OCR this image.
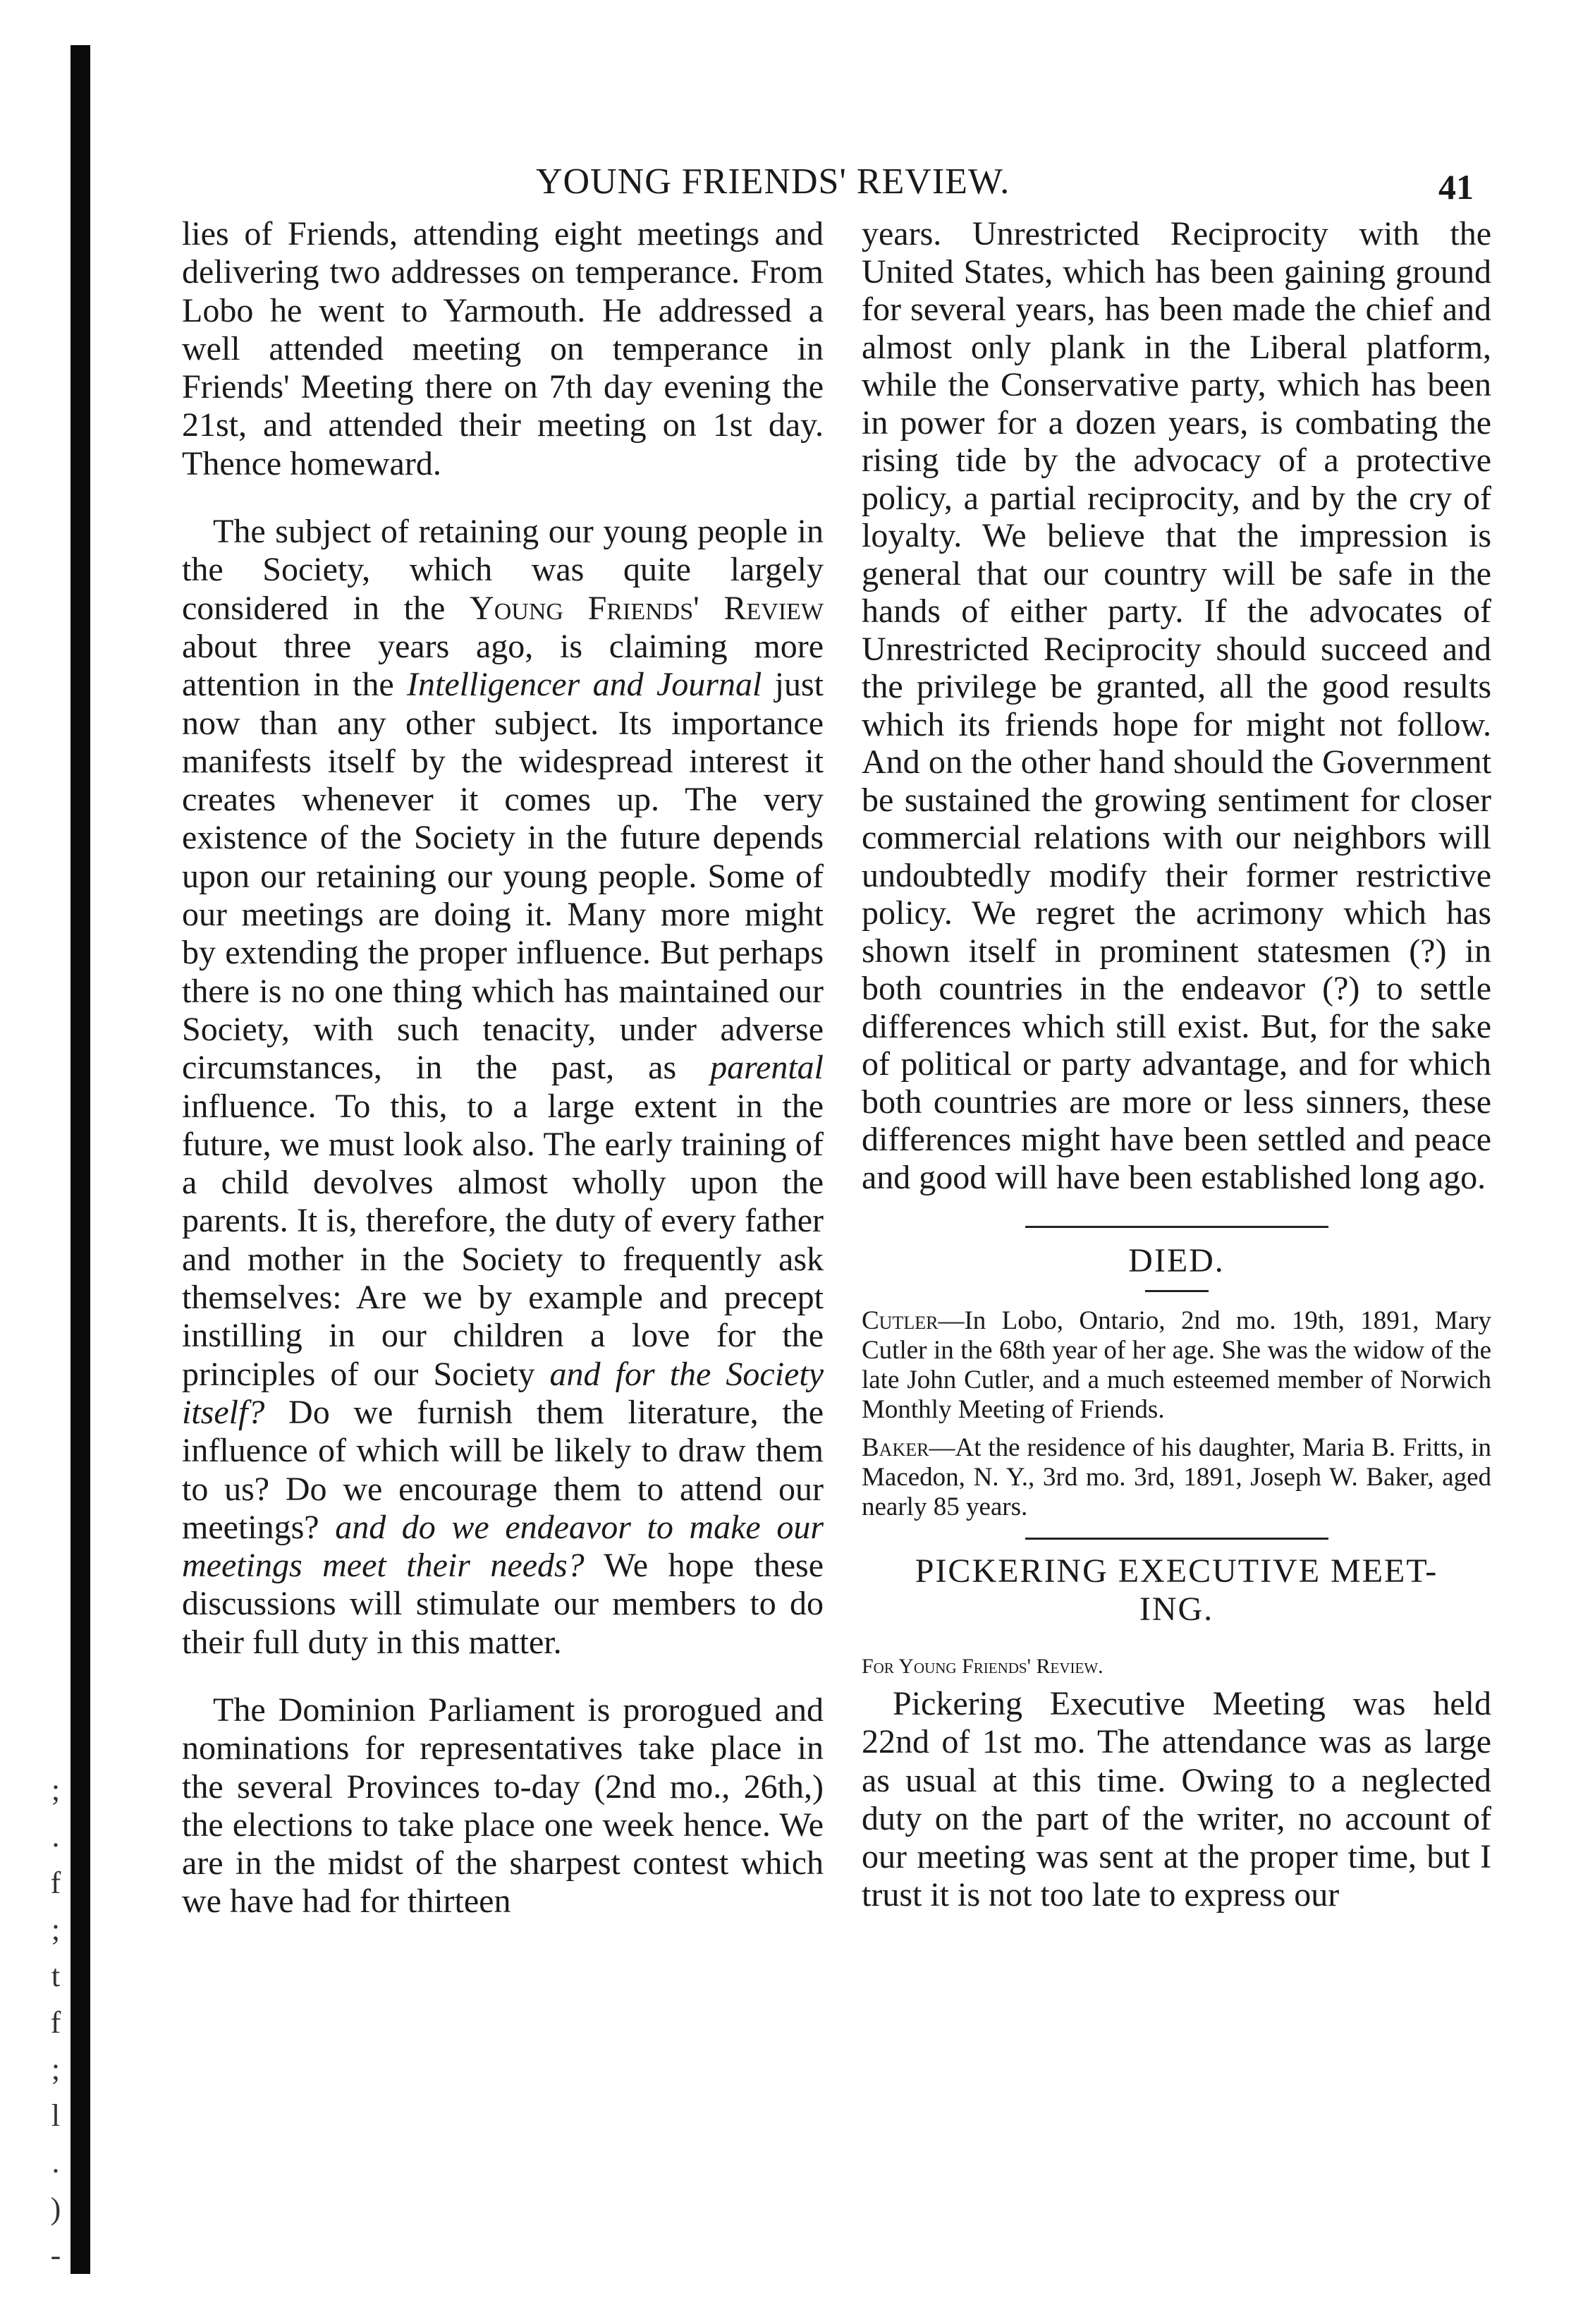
;
.
f
;
t
f
;
l
.
)
-
YOUNG FRIENDS' REVIEW.	41

lies of Friends, attending eight meetings and delivering two addresses on temperance. From Lobo he went to Yarmouth. He addressed a well attended meeting on temperance in Friends' Meeting there on 7th day evening the 21st, and attended their meeting on 1st day. Thence homeward.

The subject of retaining our young people in the Society, which was quite largely considered in the Young Friends' Review about three years ago, is claiming more attention in the Intelligencer and Journal just now than any other subject. Its importance manifests itself by the widespread interest it creates whenever it comes up. The very existence of the Society in the future depends upon our retaining our young people. Some of our meetings are doing it. Many more might by extending the proper influence. But perhaps there is no one thing which has maintained our Society, with such tenacity, under adverse circumstances, in the past, as parental influence. To this, to a large extent in the future, we must look also. The early training of a child devolves almost wholly upon the parents. It is, therefore, the duty of every father and mother in the Society to frequently ask themselves: Are we by example and precept instilling in our children a love for the principles of our Society and for the Society itself? Do we furnish them literature, the influence of which will be likely to draw them to us? Do we encourage them to attend our meetings? and do we endeavor to make our meetings meet their needs? We hope these discussions will stimulate our members to do their full duty in this matter.

The Dominion Parliament is prorogued and nominations for representatives take place in the several Provinces to-day (2nd mo., 26th,) the elections to take place one week hence. We are in the midst of the sharpest contest which we have had for thirteen

years. Unrestricted Reciprocity with the United States, which has been gaining ground for several years, has been made the chief and almost only plank in the Liberal platform, while the Conservative party, which has been in power for a dozen years, is combating the rising tide by the advocacy of a protective policy, a partial reciprocity, and by the cry of loyalty. We believe that the impression is general that our country will be safe in the hands of either party. If the advocates of Unrestricted Reciprocity should succeed and the privilege be granted, all the good results which its friends hope for might not follow. And on the other hand should the Government be sustained the growing sentiment for closer commercial relations with our neighbors will undoubtedly modify their former restrictive policy. We regret the acrimony which has shown itself in prominent statesmen (?) in both countries in the endeavor (?) to settle differences which still exist. But, for the sake of political or party advantage, and for which both countries are more or less sinners, these differences might have been settled and peace and good will have been established long ago.

DIED.

Cutler—In Lobo, Ontario, 2nd mo. 19th, 1891, Mary Cutler in the 68th year of her age. She was the widow of the late John Cutler, and a much esteemed member of Norwich Monthly Meeting of Friends.

Baker—At the residence of his daughter, Maria B. Fritts, in Macedon, N. Y., 3rd mo. 3rd, 1891, Joseph W. Baker, aged nearly 85 years.

PICKERING EXECUTIVE MEET-
ING.
For Young Friends' Review.

Pickering Executive Meeting was held 22nd of 1st mo. The attendance was as large as usual at this time. Owing to a neglected duty on the part of the writer, no account of our meeting was sent at the proper time, but I trust it is not too late to express our
